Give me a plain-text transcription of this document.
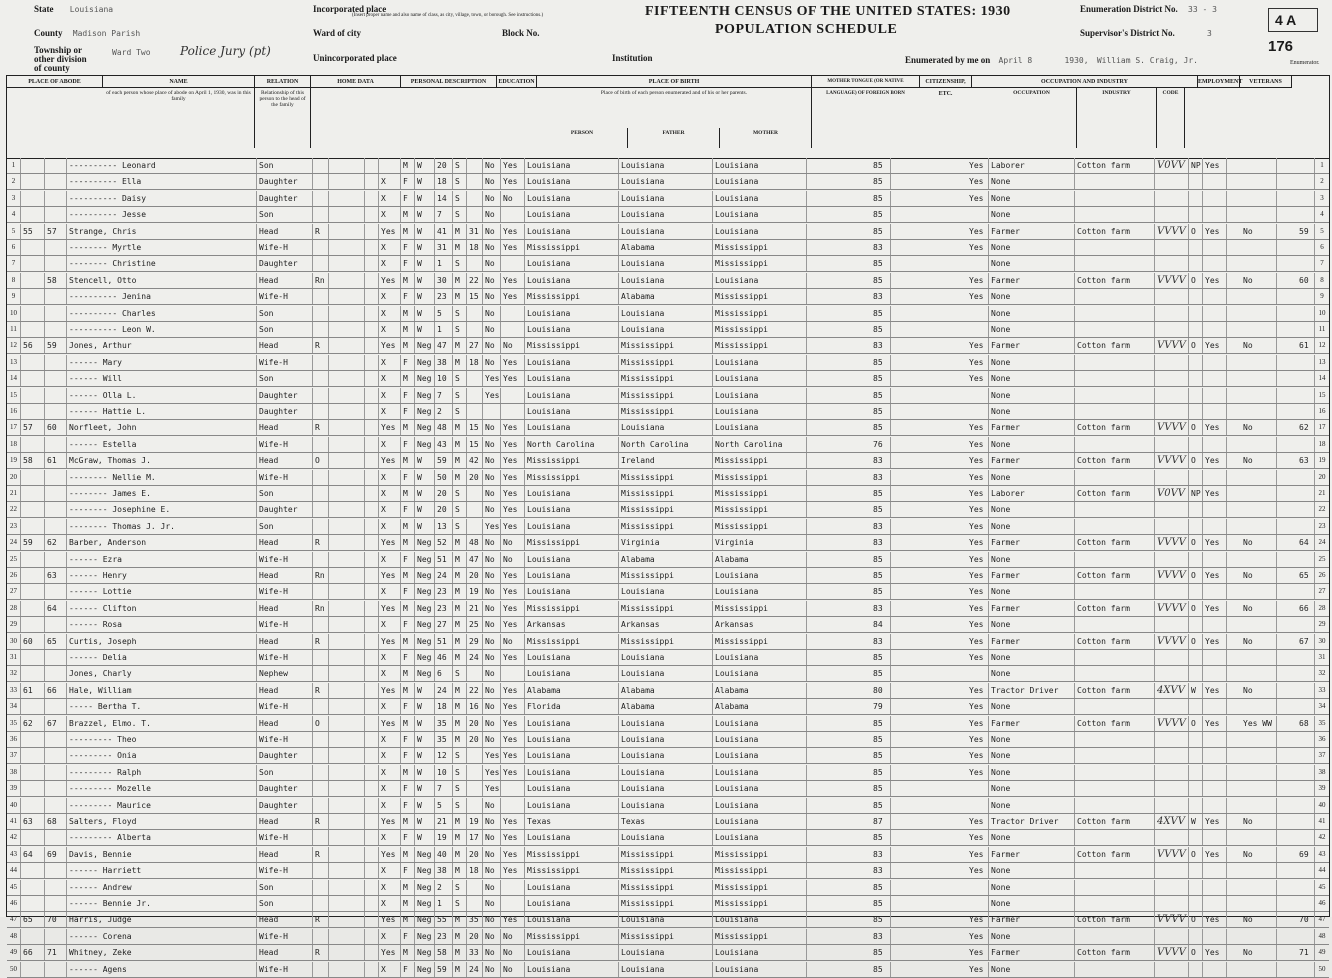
State Louisiana
County Madison Parish
Township or other division of county
Ward Two Police Jury (pt)
Incorporated place
(Insert proper name and also name of class, as city, village, town, or borough. See instructions.)
Ward of city	Block No.
Unincorporated place	Institution
FIFTEENTH CENSUS OF THE UNITED STATES: 1930
POPULATION SCHEDULE
Enumeration District No. 33 - 3
Supervisor's District No.	3
4 A
176
Enumerated by me on April 8	1930, William S. Craig, Jr.	Enumerator.
PLACE OF ABODE	NAME	RELATION	HOME DATA	PERSONAL DESCRIPTION	EDUCATION	PLACE OF BIRTH	MOTHER TONGUE (OR NATIVE LANGUAGE) OF FOREIGN BORN
CITIZENSHIP, ETC.
OCCUPATION AND INDUSTRY	EMPLOYMENT	VETERANS
of each person whose place of abode on April 1, 1930, was in this family
Relationship of this person to the head of the family
Place of birth of each person enumerated and of his or her parents.
PERSON	FATHER	MOTHER
OCCUPATION	INDUSTRY	CODE
1	---------- Leonard	Son	M	W	20	S	No	Yes	Louisiana	Louisiana	Louisiana	85	Yes Laborer	Cotton farm	V0VV NP Yes	1
2	---------- Ella	Daughter	X	F	W	18	S	No	Yes	Louisiana	Louisiana	Louisiana	85	Yes None	2
3	---------- Daisy	Daughter	X	F	W	14	S	No	No	Louisiana	Louisiana	Louisiana	85	Yes None	3
4	---------- Jesse	Son	X	M	W	7	S	No	Louisiana	Louisiana	Louisiana	85	None	4
5 55	57	Strange, Chris	Head	R	Yes M	W	41	M	31 No	Yes	Louisiana	Louisiana	Louisiana	85	Yes Farmer	Cotton farm	VVVV O	Yes	No	59	5
6	-------- Myrtle	Wife-H	X	F	W	31	M	18 No	Yes	Mississippi	Alabama	Mississippi	83	Yes None	6
7	-------- Christine	Daughter	X	F	W	1	S	No	Louisiana	Louisiana	Mississippi	85	None	7
8	58	Stencell, Otto	Head	Rn	Yes M	W	30	M	22 No	Yes	Louisiana	Louisiana	Louisiana	85	Yes Farmer	Cotton farm	VVVV O	Yes	No	60	8
9	---------- Jenina	Wife-H	X	F	W	23	M	15 No	Yes	Mississippi	Alabama	Mississippi	83	Yes None	9
10	---------- Charles	Son	X	M	W	5	S	No	Louisiana	Louisiana	Mississippi	85	None	10
11	---------- Leon W.	Son	X	M	W	1	S	No	Louisiana	Louisiana	Mississippi	85	None	11
12 56	59	Jones, Arthur	Head	R	Yes M	Neg 47	M	27 No	No	Mississippi	Mississippi	Mississippi	83	Yes Farmer	Cotton farm	VVVV O	Yes	No	61	12
13	------ Mary	Wife-H	X	F	Neg 38	M	18 No	Yes	Louisiana	Mississippi	Louisiana	85	Yes None	13
14	------ Will	Son	X	M	Neg 10	S	Yes Yes	Louisiana	Mississippi	Louisiana	85	Yes None	14
15	------ Olla L.	Daughter	X	F	Neg 7	S	Yes	Louisiana	Mississippi	Louisiana	85	None	15
16	------ Hattie L.	Daughter	X	F	Neg 2	S	Louisiana	Mississippi	Louisiana	85	None	16
17 57	60	Norfleet, John	Head	R	Yes M	Neg 48	M	15 No	Yes	Louisiana	Louisiana	Louisiana	85	Yes Farmer	Cotton farm	VVVV O	Yes	No	62	17
18	------ Estella	Wife-H	X	F	Neg 43	M	15 No	Yes	North Carolina	North Carolina	North Carolina	76	Yes None	18
19 58	61	McGraw, Thomas J.	Head	O	Yes M	W	59	M	42 No	Yes	Mississippi	Ireland	Mississippi	83	Yes Farmer	Cotton farm	VVVV O	Yes	No	63	19
20	-------- Nellie M.	Wife-H	X	F	W	50	M	20 No	Yes	Mississippi	Mississippi	Mississippi	83	Yes None	20
21	-------- James E.	Son	X	M	W	20	S	No	Yes	Louisiana	Mississippi	Mississippi	85	Yes Laborer	Cotton farm	V0VV NP Yes	21
22	-------- Josephine E.	Daughter	X	F	W	20	S	No	Yes	Louisiana	Mississippi	Mississippi	85	Yes None	22
23	-------- Thomas J. Jr.	Son	X	M	W	13	S	Yes Yes	Louisiana	Mississippi	Mississippi	83	Yes None	23
24 59	62	Barber, Anderson	Head	R	Yes M	Neg 52	M	48 No	No	Mississippi	Virginia	Virginia	83	Yes Farmer	Cotton farm	VVVV O	Yes	No	64	24
25	------ Ezra	Wife-H	X	F	Neg 51	M	47 No	No	Louisiana	Alabama	Alabama	85	Yes None	25
26	63	------ Henry	Head	Rn	Yes M	Neg 24	M	20 No	Yes	Louisiana	Mississippi	Louisiana	85	Yes Farmer	Cotton farm	VVVV O	Yes	No	65	26
27	------ Lottie	Wife-H	X	F	Neg 23	M	19 No	Yes	Louisiana	Louisiana	Louisiana	85	Yes None	27
28	64	------ Clifton	Head	Rn	Yes M	Neg 23	M	21 No	Yes	Mississippi	Mississippi	Mississippi	83	Yes Farmer	Cotton farm	VVVV O	Yes	No	66	28
29	------ Rosa	Wife-H	X	F	Neg 27	M	25 No	Yes	Arkansas	Arkansas	Arkansas	84	Yes None	29
30 60	65	Curtis, Joseph	Head	R	Yes M	Neg 51	M	29 No	No	Mississippi	Mississippi	Mississippi	83	Yes Farmer	Cotton farm	VVVV O	Yes	No	67	30
31	------ Delia	Wife-H	X	F	Neg 46	M	24 No	Yes	Louisiana	Louisiana	Louisiana	85	Yes None	31
32	Jones, Charly	Nephew	X	M	Neg 6	S	No	Louisiana	Louisiana	Louisiana	85	None	32
33 61	66	Hale, William	Head	R	Yes M	W	24	M	22 No	Yes	Alabama	Alabama	Alabama	80	Yes Tractor Driver	Cotton farm	4XVV W	Yes	No	33
34	----- Bertha T.	Wife-H	X	F	W	18	M	16 No	Yes	Florida	Alabama	Alabama	79	Yes None	34
35 62	67	Brazzel, Elmo. T.	Head	O	Yes M	W	35	M	20 No	Yes	Louisiana	Louisiana	Louisiana	85	Yes Farmer	Cotton farm	VVVV O	Yes	Yes WW	68	35
36	--------- Theo	Wife-H	X	F	W	35	M	20 No	Yes	Louisiana	Louisiana	Louisiana	85	Yes None	36
37	--------- Onia	Daughter	X	F	W	12	S	Yes Yes	Louisiana	Louisiana	Louisiana	85	Yes None	37
38	--------- Ralph	Son	X	M	W	10	S	Yes Yes	Louisiana	Louisiana	Louisiana	85	Yes None	38
39	--------- Mozelle	Daughter	X	F	W	7	S	Yes	Louisiana	Louisiana	Louisiana	85	None	39
40	--------- Maurice	Daughter	X	F	W	5	S	No	Louisiana	Louisiana	Louisiana	85	None	40
41 63	68	Salters, Floyd	Head	R	Yes M	W	21	M	19 No	Yes	Texas	Texas	Louisiana	87	Yes Tractor Driver	Cotton farm	4XVV W	Yes	No	41
42	--------- Alberta	Wife-H	X	F	W	19	M	17 No	Yes	Louisiana	Louisiana	Louisiana	85	Yes None	42
43 64	69	Davis, Bennie	Head	R	Yes M	Neg 40	M	20 No	Yes	Mississippi	Mississippi	Mississippi	83	Yes Farmer	Cotton farm	VVVV O	Yes	No	69	43
44	------ Harriett	Wife-H	X	F	Neg 38	M	18 No	Yes	Mississippi	Mississippi	Mississippi	83	Yes None	44
45	------ Andrew	Son	X	M	Neg 2	S	No	Louisiana	Mississippi	Mississippi	85	None	45
46	------ Bennie Jr.	Son	X	M	Neg 1	S	No	Louisiana	Mississippi	Mississippi	85	None	46
47 65	70	Harris, Judge	Head	R	Yes M	Neg 55	M	35 No	Yes	Louisiana	Louisiana	Louisiana	85	Yes Farmer	Cotton farm	VVVV O	Yes	No	70	47
48	------ Corena	Wife-H	X	F	Neg 23	M	20 No	No	Mississippi	Mississippi	Mississippi	83	Yes None	48
49 66	71	Whitney, Zeke	Head	R	Yes M	Neg 58	M	33 No	No	Louisiana	Louisiana	Louisiana	85	Yes Farmer	Cotton farm	VVVV O	Yes	No	71	49
50	------ Agens	Wife-H	X	F	Neg 59	M	24 No	No	Louisiana	Louisiana	Louisiana	85	Yes None	50
